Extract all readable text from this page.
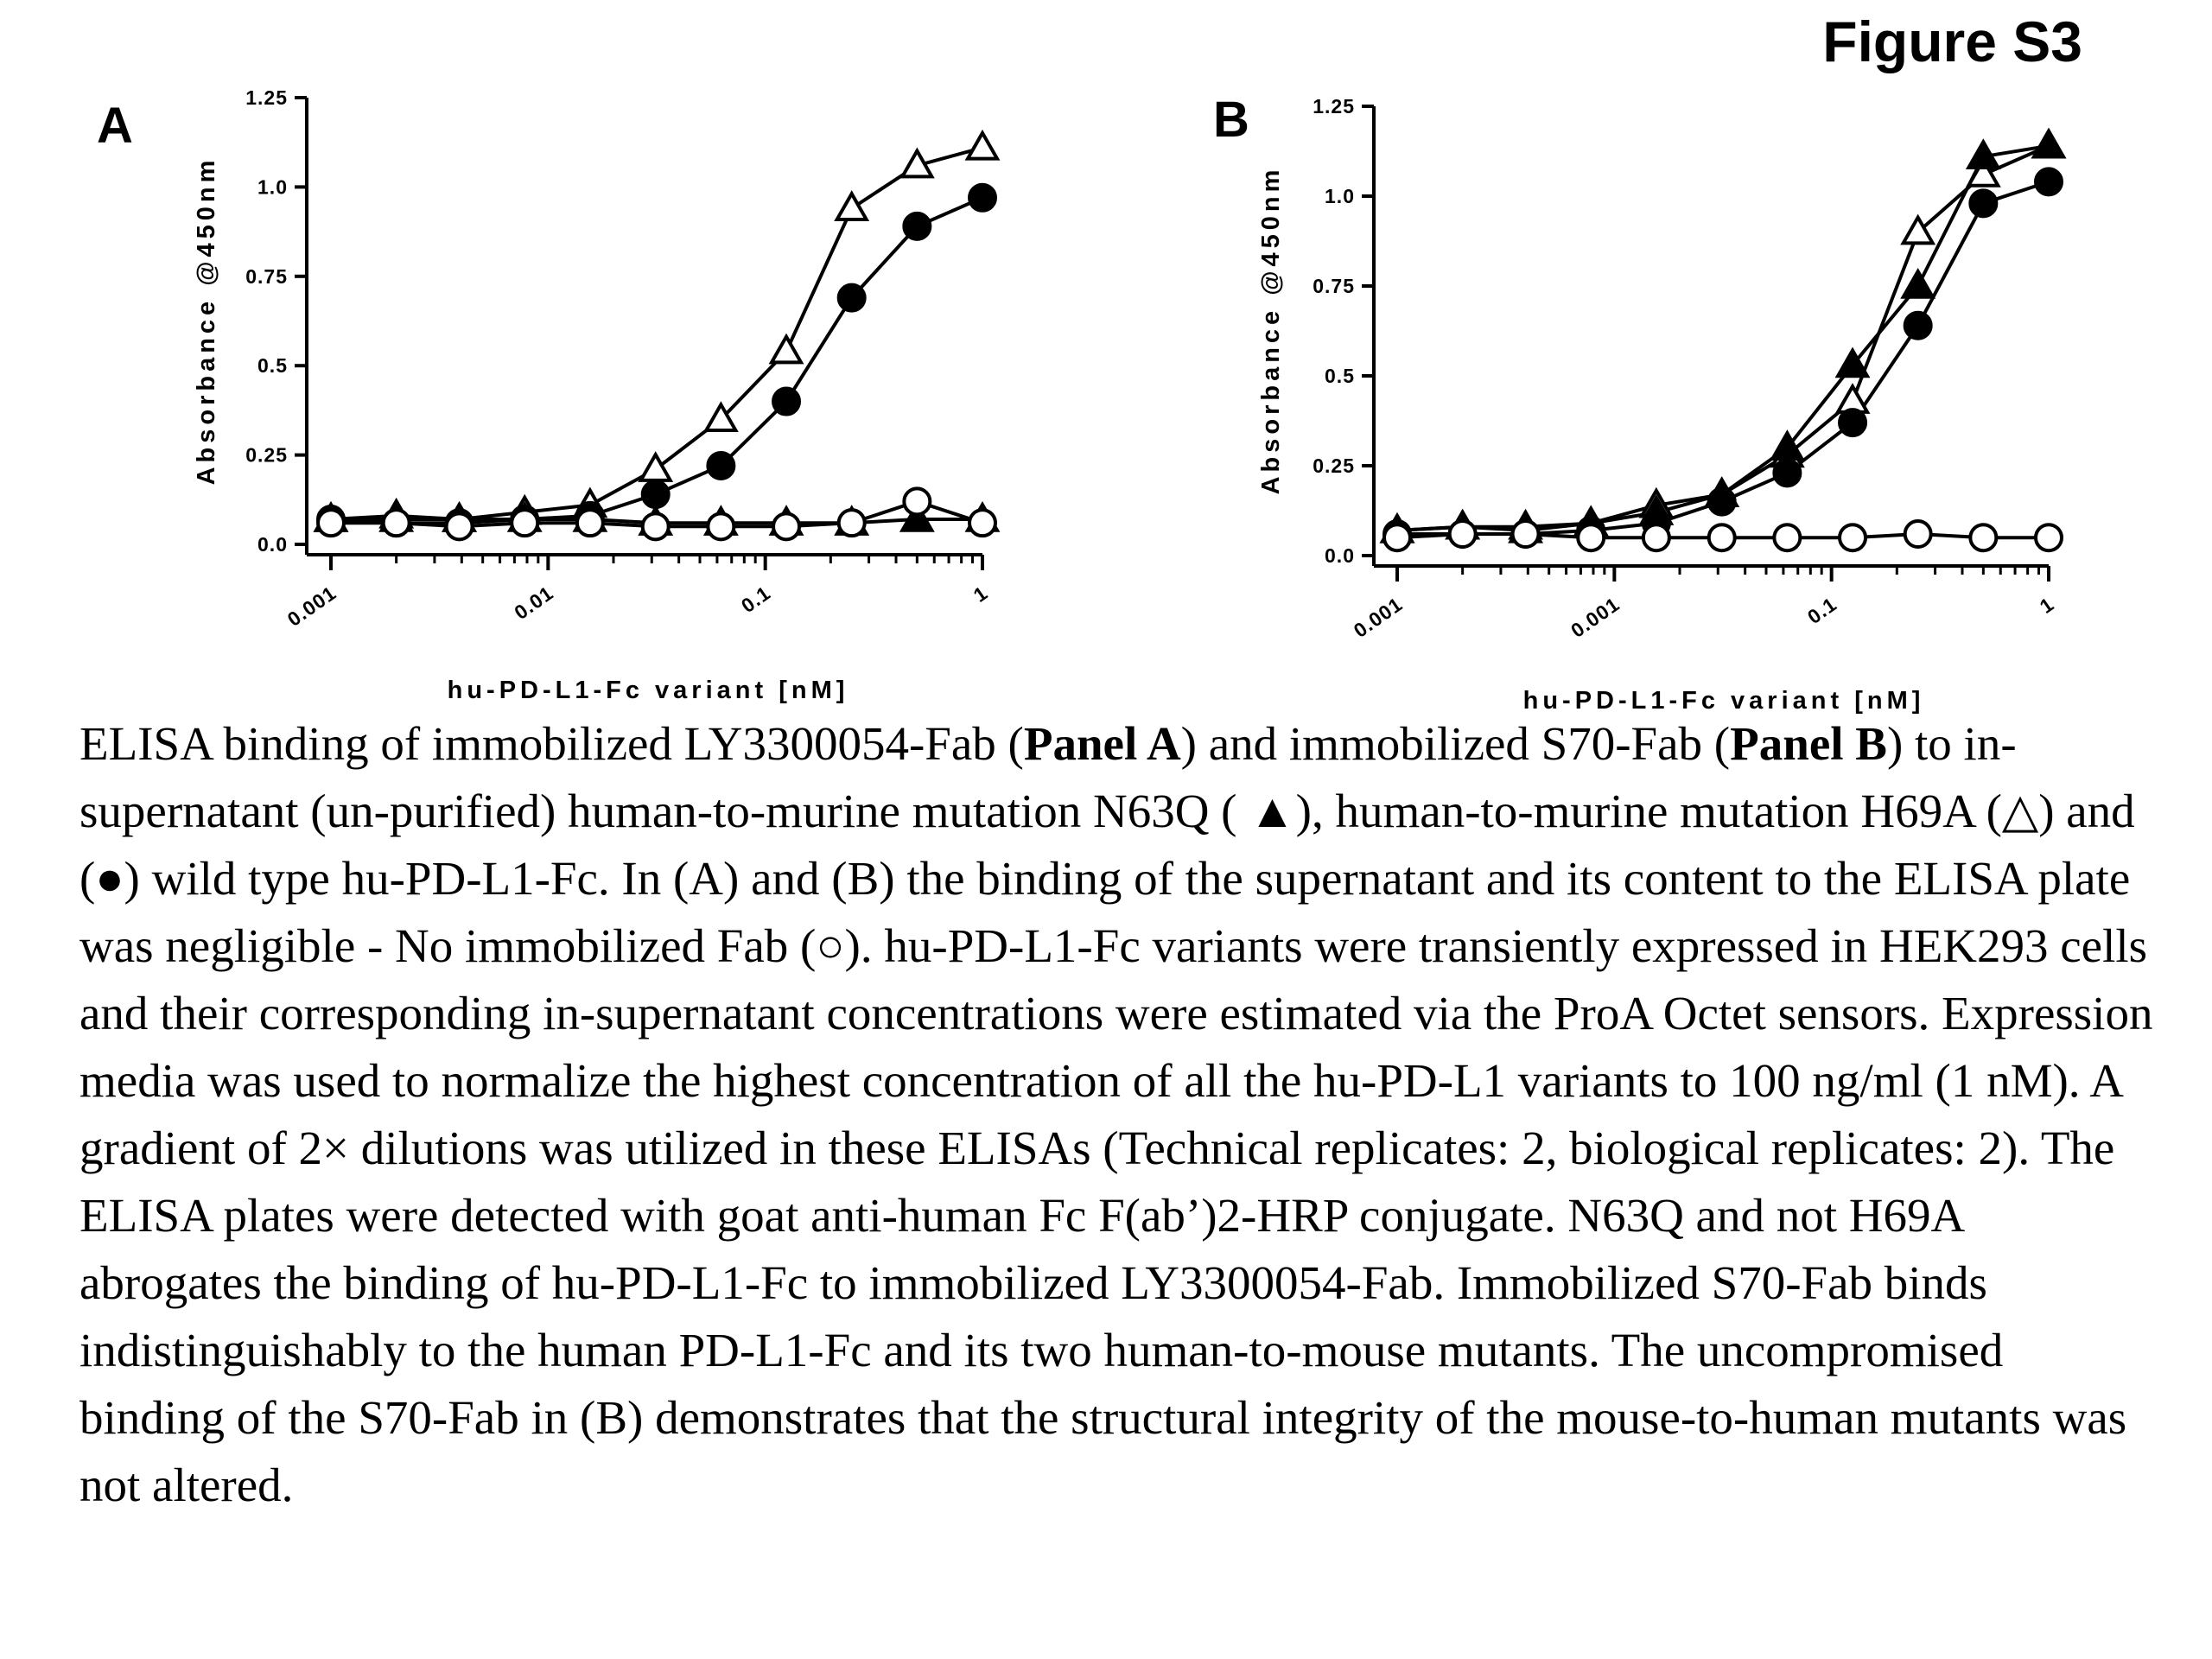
Figure S3
A
0.0
0.25
0.5
0.75
1.0
1.25
0.001	0.01	0.1	1
Absorbance @450nm
hu-PD-L1-Fc variant [nM]
B
0.0
0.25
0.5
0.75
1.0
1.25
0.001	0.001	0.1	1
Absorbance @450nm
hu-PD-L1-Fc variant [nM]

ELISA binding of immobilized LY3300054-Fab (Panel A) and immobilized S70-Fab (Panel B) to in-supernatant (un-purified) human-to-murine mutation N63Q ( ▲), human-to-murine mutation H69A (△) and (●) wild type hu-PD-L1-Fc. In (A) and (B) the binding of the supernatant and its content to the ELISA plate was negligible - No immobilized Fab (○). hu-PD-L1-Fc variants were transiently expressed in HEK293 cells and their corresponding in-supernatant concentrations were estimated via the ProA Octet sensors. Expression media was used to normalize the highest concentration of all the hu-PD-L1 variants to 100 ng/ml (1 nM). A gradient of 2× dilutions was utilized in these ELISAs (Technical replicates: 2, biological replicates: 2). The ELISA plates were detected with goat anti-human Fc F(ab’)2-HRP conjugate. N63Q and not H69A abrogates the binding of hu-PD-L1-Fc to immobilized LY3300054-Fab. Immobilized S70-Fab binds indistinguishably to the human PD-L1-Fc and its two human-to-mouse mutants. The uncompromised binding of the S70-Fab in (B) demonstrates that the structural integrity of the mouse-to-human mutants was not altered.
